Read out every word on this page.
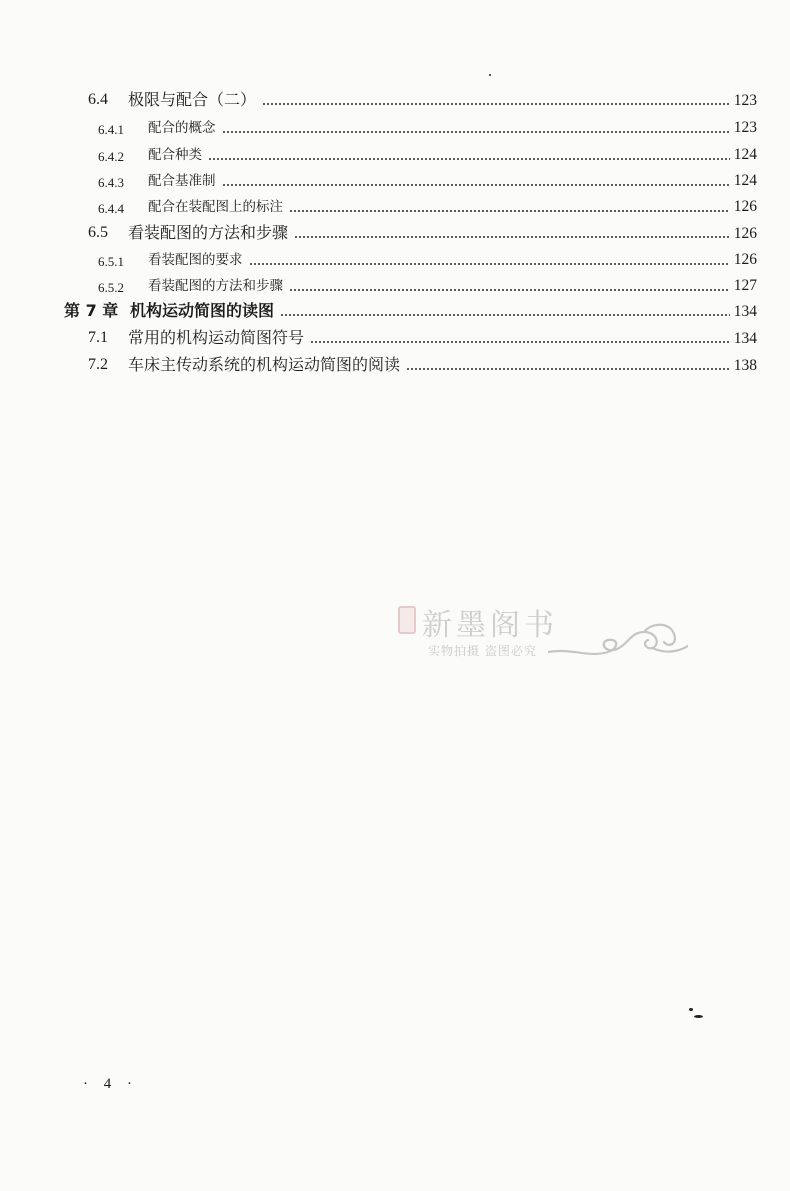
6.4	极限与配合（二）	123
6.4.1	配合的概念	123
6.4.2	配合种类	124
6.4.3	配合基准制	124
6.4.4	配合在装配图上的标注	126
6.5	看装配图的方法和步骤	126
6.5.1	看装配图的要求	126
6.5.2	看装配图的方法和步骤	127
第 7 章 机构运动简图的读图	134
7.1	常用的机构运动简图符号	134
7.2	车床主传动系统的机构运动简图的阅读	138
新墨阁书
实物拍摄 盗图必究
· 4 ·
